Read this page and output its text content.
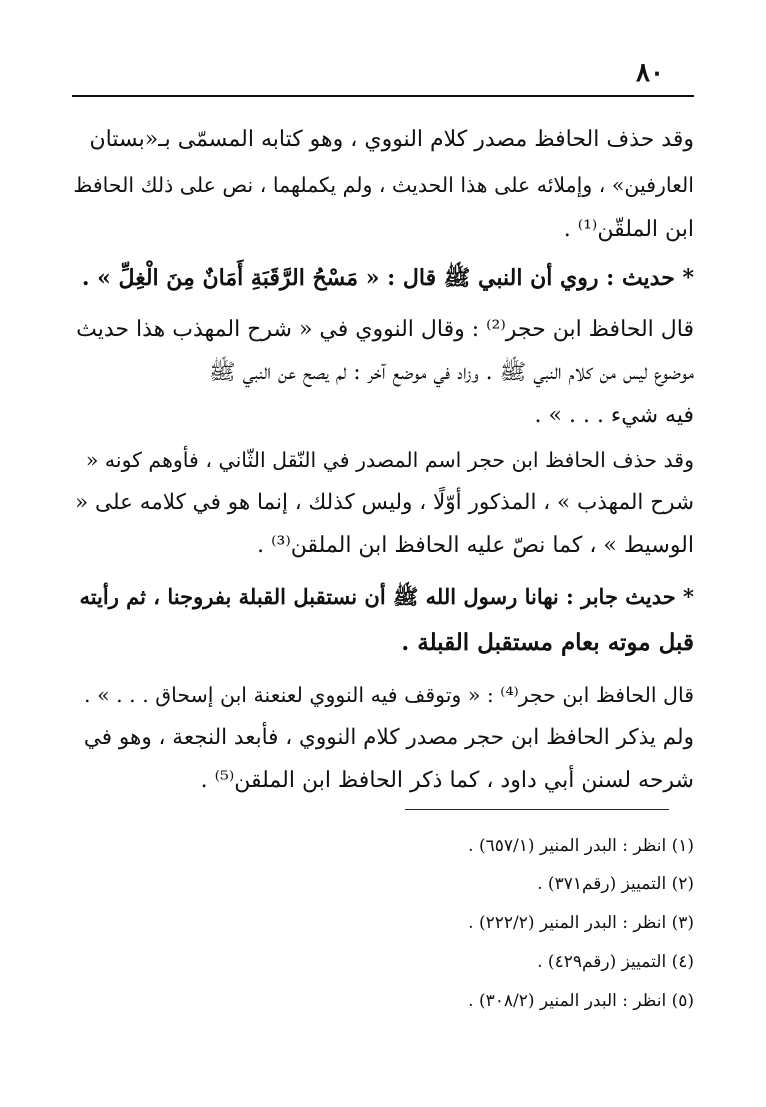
٨٠
وقد حذف الحافظ مصدر كلام النووي ، وهو كتابه المسمّى بـ«بستان
العارفين» ، وإملائه على هذا الحديث ، ولم يكملهما ، نص على ذلك الحافظ
ابن الملقّن⁽¹⁾ .
* حديث : روي أن النبي ﷺ قال : « مَسْحُ الرَّقَبَةِ أَمَانٌ مِنَ الْغِلِّ » .
قال الحافظ ابن حجر⁽²⁾ : وقال النووي في « شرح المهذب هذا حديث
موضوع ليس من كلام النبي ﷺ . وزاد في موضع آخر : لم يصح عن النبي ﷺ
فيه شيء . . . » .
وقد حذف الحافظ ابن حجر اسم المصدر في النّقل الثّاني ، فأوهم كونه «
شرح المهذب » ، المذكور أوّلًا ، وليس كذلك ، إنما هو في كلامه على «
الوسيط » ، كما نصّ عليه الحافظ ابن الملقن⁽³⁾ .
* حديث جابر : نهانا رسول الله ﷺ أن نستقبل القبلة بفروجنا ، ثم رأيته
قبل موته بعام مستقبل القبلة .
قال الحافظ ابن حجر⁽⁴⁾ : « وتوقف فيه النووي لعنعنة ابن إسحاق . . . » .
ولم يذكر الحافظ ابن حجر مصدر كلام النووي ، فأبعد النجعة ، وهو في
شرحه لسنن أبي داود ، كما ذكر الحافظ ابن الملقن⁽⁵⁾ .
(١) انظر : البدر المنير (٦٥٧/١) .
(٢) التمييز (رقم٣٧١) .
(٣) انظر : البدر المنير (٢٢٢/٢) .
(٤) التمييز (رقم٤٢٩) .
(٥) انظر : البدر المنير (٣٠٨/٢) .
